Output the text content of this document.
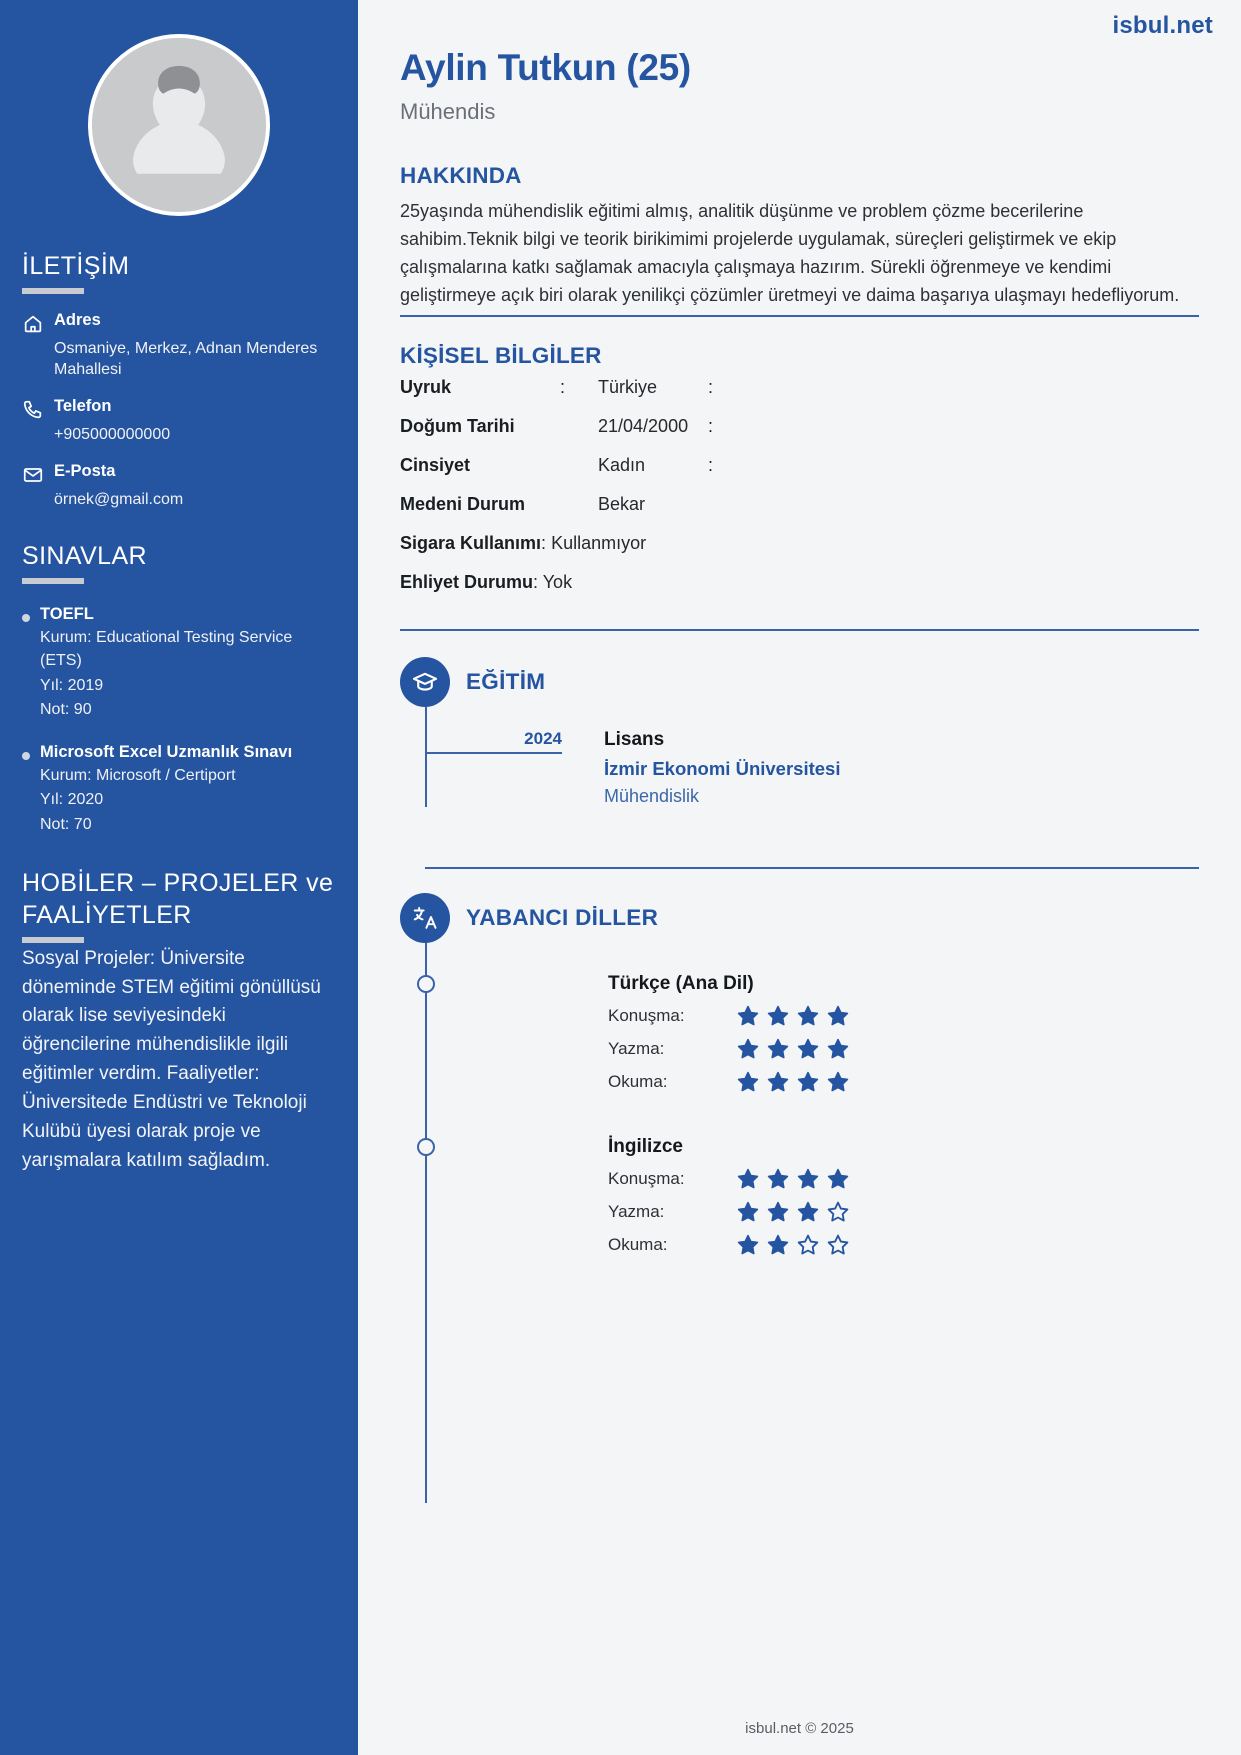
İLETİŞİM
Adres
Osmaniye, Merkez, Adnan Menderes Mahallesi
Telefon
+905000000000
E-Posta
örnek@gmail.com
SINAVLAR
TOEFL
Kurum: Educational Testing Service (ETS)
Yıl: 2019
Not: 90
Microsoft Excel Uzmanlık Sınavı
Kurum: Microsoft / Certiport
Yıl: 2020
Not: 70
HOBİLER – PROJELER ve FAALİYETLER
Sosyal Projeler: Üniversite döneminde STEM eğitimi gönüllüsü olarak lise seviyesindeki öğrencilerine mühendislikle ilgili eğitimler verdim. Faaliyetler: Üniversitede Endüstri ve Teknoloji Kulübü üyesi olarak proje ve yarışmalara katılım sağladım.
isbul.net
Aylin Tutkun (25)
Mühendis
HAKKINDA

25yaşında mühendislik eğitimi almış, analitik düşünme ve problem çözme becerilerine sahibim.Teknik bilgi ve teorik birikimimi projelerde uygulamak, süreçleri geliştirmek ve ekip çalışmalarına katkı sağlamak amacıyla çalışmaya hazırım. Sürekli öğrenmeye ve kendimi geliştirmeye açık biri olarak yenilikçi çözümler üretmeyi ve daima başarıya ulaşmayı hedefliyorum.

KİŞİSEL BİLGİLER
Uyruk	:	Türkiye	:
Doğum Tarihi	21/04/2000	:
Cinsiyet	Kadın	:
Medeni Durum	Bekar
Sigara Kullanımı: Kullanmıyor
Ehliyet Durumu: Yok
EĞİTİM
2024 Lisans
İzmir Ekonomi Üniversitesi
Mühendislik
YABANCI DİLLER
Türkçe (Ana Dil)
Konuşma:
Yazma:
Okuma:
İngilizce
Konuşma:
Yazma:
Okuma:
isbul.net © 2025
